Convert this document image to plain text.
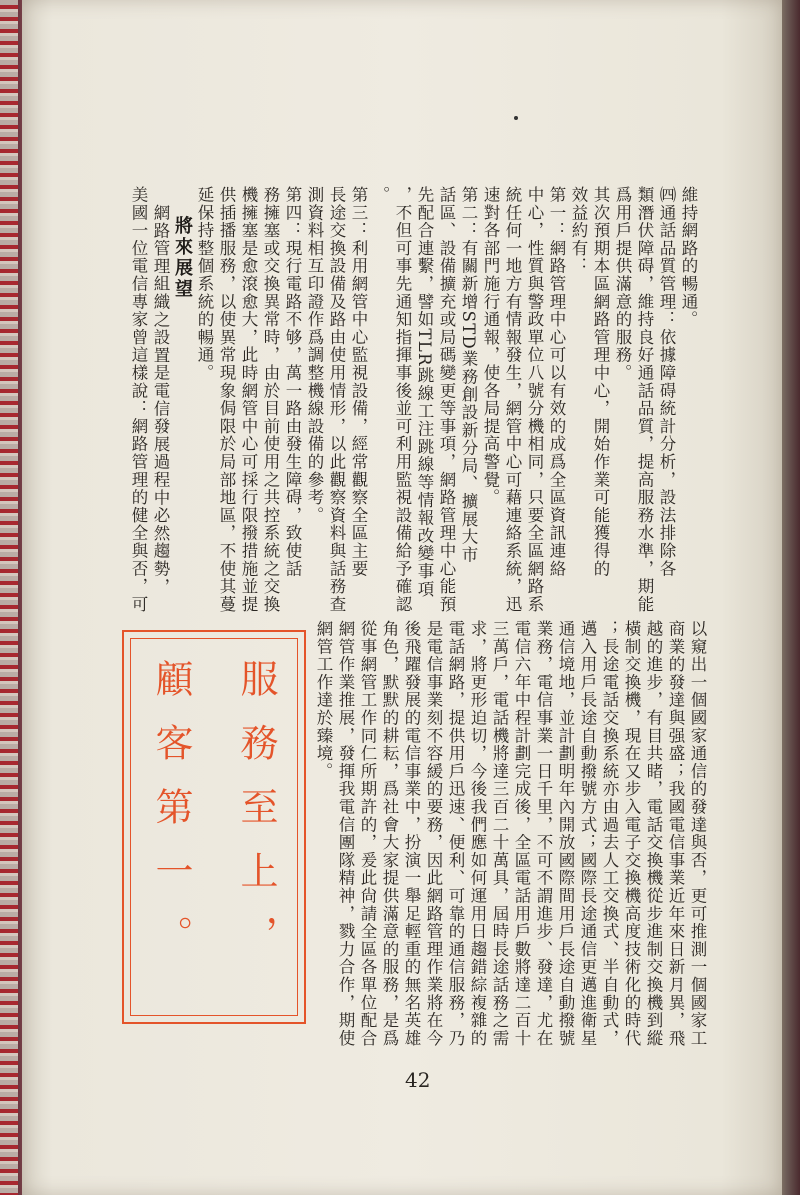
維持網路的暢通。

㈣通話品質管理：依據障碍統計分析，設法排除各

類潛伏障碍，維持良好通話品質，提高服務水準，期能

爲用戶提供滿意的服務。

其次預期本區網路管理中心，開始作業可能獲得的

效益約有：

第一：網路管理中心可以有效的成爲全區資訊連絡

中心，性質與警政單位八號分機相同，只要全區網路系

統任何一地方有情報發生，網管中心可藉連絡系統，迅

速對各部門施行通報，使各局提高警覺。

第二：有關新增STD業務創設新分局、擴展大市

話區、設備擴充或局碼變更等事項，網路管理中心能預

先配合連繫，譬如TLR跳線工注跳線等情報改變事項

，不但可事先通知指揮事後並可利用監視設備給予確認

。

第三：利用網管中心監視設備，經常觀察全區主要

長途交換設備及路由使用情形，以此觀察資料與話務查

測資料相互印證作爲調整機線設備的參考。

第四：現行電路不够，萬一路由發生障碍，致使話

務擁塞或交換異常時，由於目前使用之共控系統之交換

機擁塞是愈滾愈大，此時網管中心可採行限撥措施並提

供插播服務，以使異常現象侷限於局部地區，不使其蔓

延保持整個系統的暢通。

將來展望

網路管理組織之設置是電信發展過程中必然趨勢，

美國一位電信專家曾這樣說：網路管理的健全與否，可

以窺出一個國家通信的發達與否，更可推測一個國家工

商業的發達與强盛；我國電信事業近年來日新月異，飛

越的進步，有目共睹，電話交換機從步進制交換機到縱

橫制交換機，現在又步入電子交換機高度技術化的時代

；長途電話交換系統亦由過去人工交換式、半自動式，

邁入用戶長途自動撥號方式；國際長途通信更邁進衛星

通信境地，並計劃明年內開放國際間用戶長途自動撥號

業務，電信事業一日千里，不可不謂進步、發達，尤在

電信六年中程計劃完成後，全區電話用戶數將達二百十

三萬戶，電話機將達三百二十萬具，屆時長途話務之需

求，將更形迫切，今後我們應如何運用日趨錯綜複雜的

電話網路，提供用戶迅速、便利、可靠的通信服務，乃

是電信事業刻不容緩的要務，因此網路管理作業將在今

後飛躍發展的電信事業中，扮演一舉足輕重的無名英雄

角色，默默的耕耘，爲社會大家提供滿意的服務，是爲

從事網管工作同仁所期許的，爰此尙請全區各單位配合

網管作業推展，發揮我電信團隊精神，戮力合作，期使

網管工作達於臻境。

服務至上，
顧客第一。
42
